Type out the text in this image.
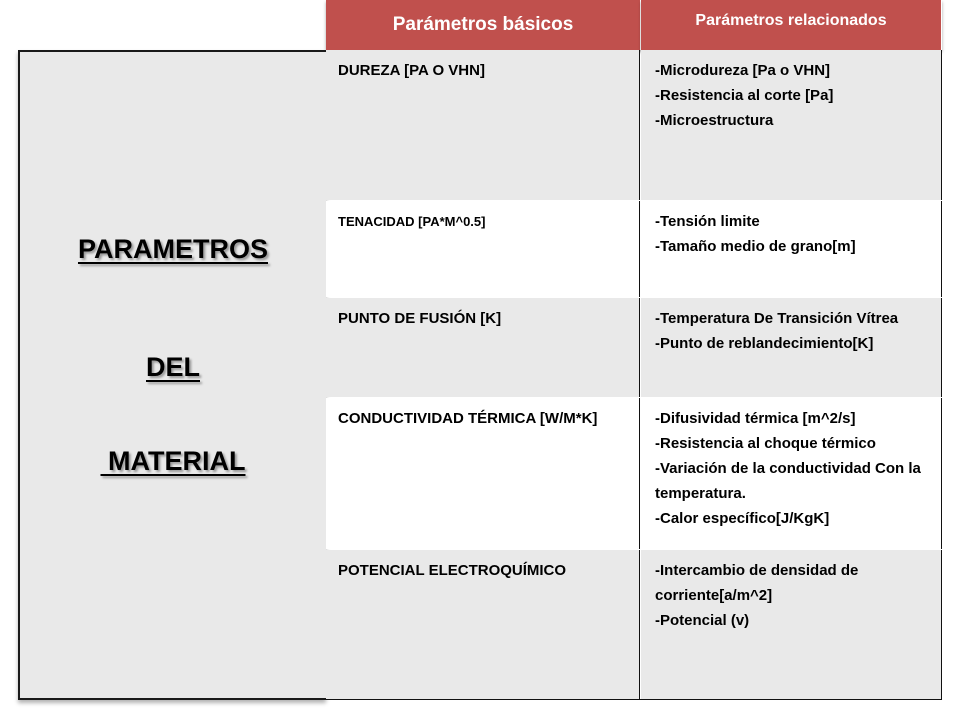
Parámetros básicos	Parámetros relacionados
PARAMETROS
DEL
MATERIAL
DUREZA [PA O VHN]	-Microdureza [Pa o VHN]
-Resistencia al corte [Pa]
-Microestructura
TENACIDAD [PA*M^0.5]	-Tensión limite
-Tamaño medio de grano[m]
PUNTO DE FUSIÓN [K]	-Temperatura De Transición Vítrea
-Punto de reblandecimiento[K]
CONDUCTIVIDAD TÉRMICA [W/M*K]	-Difusividad térmica [m^2/s]
-Resistencia al choque térmico
-Variación de la conductividad Con la temperatura.
-Calor específico[J/KgK]
POTENCIAL ELECTROQUÍMICO	-Intercambio de densidad de corriente[a/m^2]
-Potencial (v)
